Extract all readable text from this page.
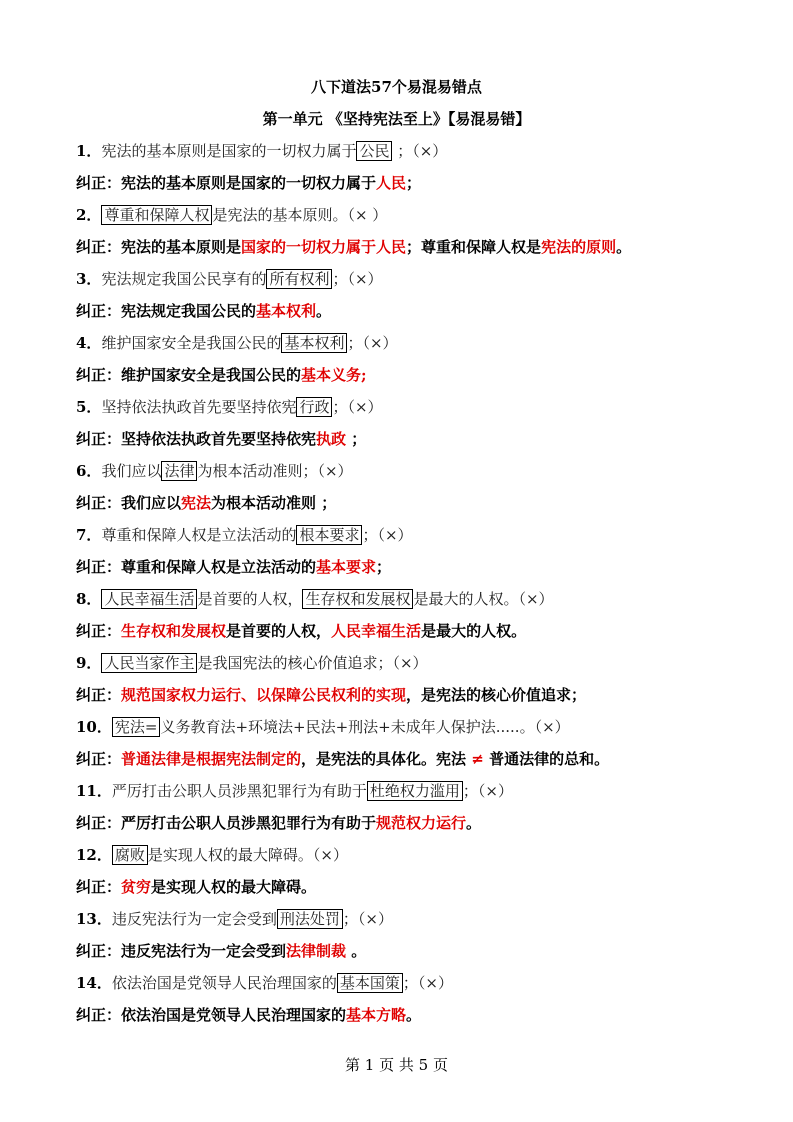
八下道法57个易混易错点
第一单元 《坚持宪法至上》【易混易错】
1．宪法的基本原则是国家的一切权力属于 公民 ；（×）
纠正：宪法的基本原则是国家的一切权力属于人民；
2． 尊重和保障人权 是宪法的基本原则。（× ）
纠正：宪法的基本原则是国家的一切权力属于人民；尊重和保障人权是宪法的原则。
3．宪法规定我国公民享有的 所有权利 ；（×）
纠正：宪法规定我国公民的基本权利。
4．维护国家安全是我国公民的 基本权利 ；（×）
纠正：维护国家安全是我国公民的基本义务;
5．坚持依法执政首先要坚持依宪 行政 ；（×）
纠正：坚持依法执政首先要坚持依宪执政 ；
6．我们应以 法律 为根本活动准则；（×）
纠正：我们应以宪法为根本活动准则 ；
7．尊重和保障人权是立法活动的 根本要求 ；（×）
纠正：尊重和保障人权是立法活动的基本要求；
8． 人民幸福生活 是首要的人权， 生存权和发展权 是最大的人权。（×）
纠正：生存权和发展权是首要的人权，人民幸福生活是最大的人权。
9． 人民当家作主 是我国宪法的核心价值追求；（×）
纠正：规范国家权力运行、以保障公民权利的实现，是宪法的核心价值追求；
10． 宪法= 义务教育法+环境法+民法+刑法+未成年人保护法.....。（×）
纠正：普通法律是根据宪法制定的，是宪法的具体化。宪法 ≠ 普通法律的总和。
11．严厉打击公职人员涉黑犯罪行为有助于 杜绝权力滥用 ；（×）
纠正：严厉打击公职人员涉黑犯罪行为有助于规范权力运行。
12． 腐败 是实现人权的最大障碍。（×）
纠正：贫穷是实现人权的最大障碍。
13．违反宪法行为一定会受到 刑法处罚 ；（×）
纠正：违反宪法行为一定会受到法律制裁 。
14．依法治国是党领导人民治理国家的 基本国策 ；（×）
纠正：依法治国是党领导人民治理国家的基本方略。
第 1 页 共 5 页
